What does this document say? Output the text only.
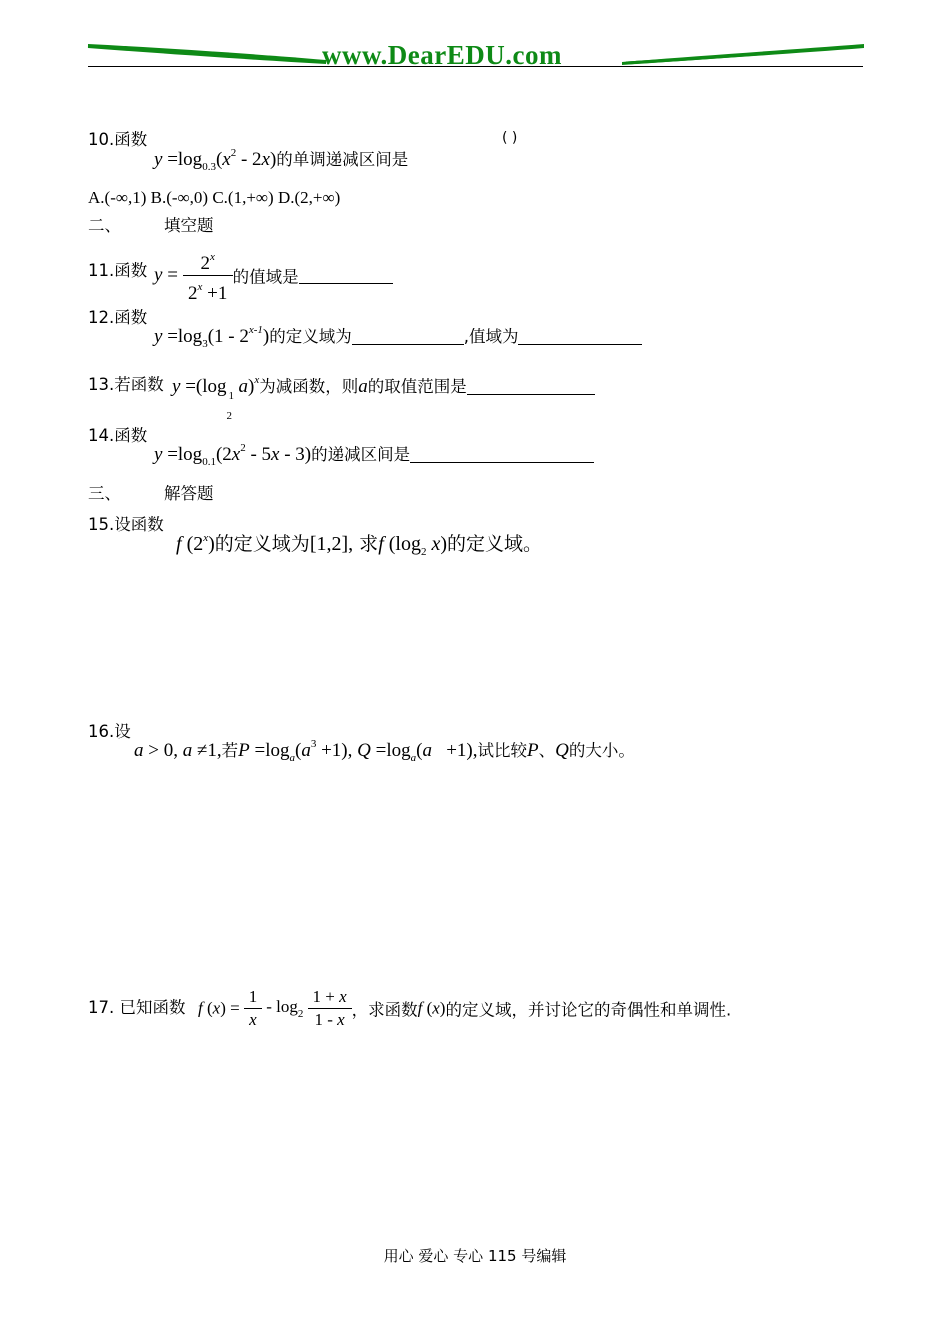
www.DearEDU.com
10.函数
$y =\log_{0.3}(x^2 - 2x)$的单调递减区间是
( )
A.(-∞,1) B.(-∞,0) C.(1,+∞) D.(2,+∞)
二、	填空题
11.函数 $y = \frac{2^x}{2^x +1}$ 的值域是
12.函数
$y =\log_3(1 - 2^{x-1})$的定义域为	,值域为
13.若函数 y =(log 1
2
a)$^x$为减函数，则a的取值范围是
14.函数
$y =\log_{0.1}(2x^2 - 5x - 3)$的递减区间是
三、	解答题
15.设函数
f (2$^x$)的定义域为[1,2], 求f ($\log_2$ x)的定义域。
16.设
a > 0, a ≠1,若$P =\log_a(a^3 +1)$, $Q =\log_a(a +1)$,试比较P、Q的大小。
17. 已知函数 f $(x) = \frac{1}{x} - \log_2 \frac{1 + x}{1 - x}$ ，求函数f (x)的定义域，并讨论它的奇偶性和单调性.
用心 爱心 专心 115 号编辑
